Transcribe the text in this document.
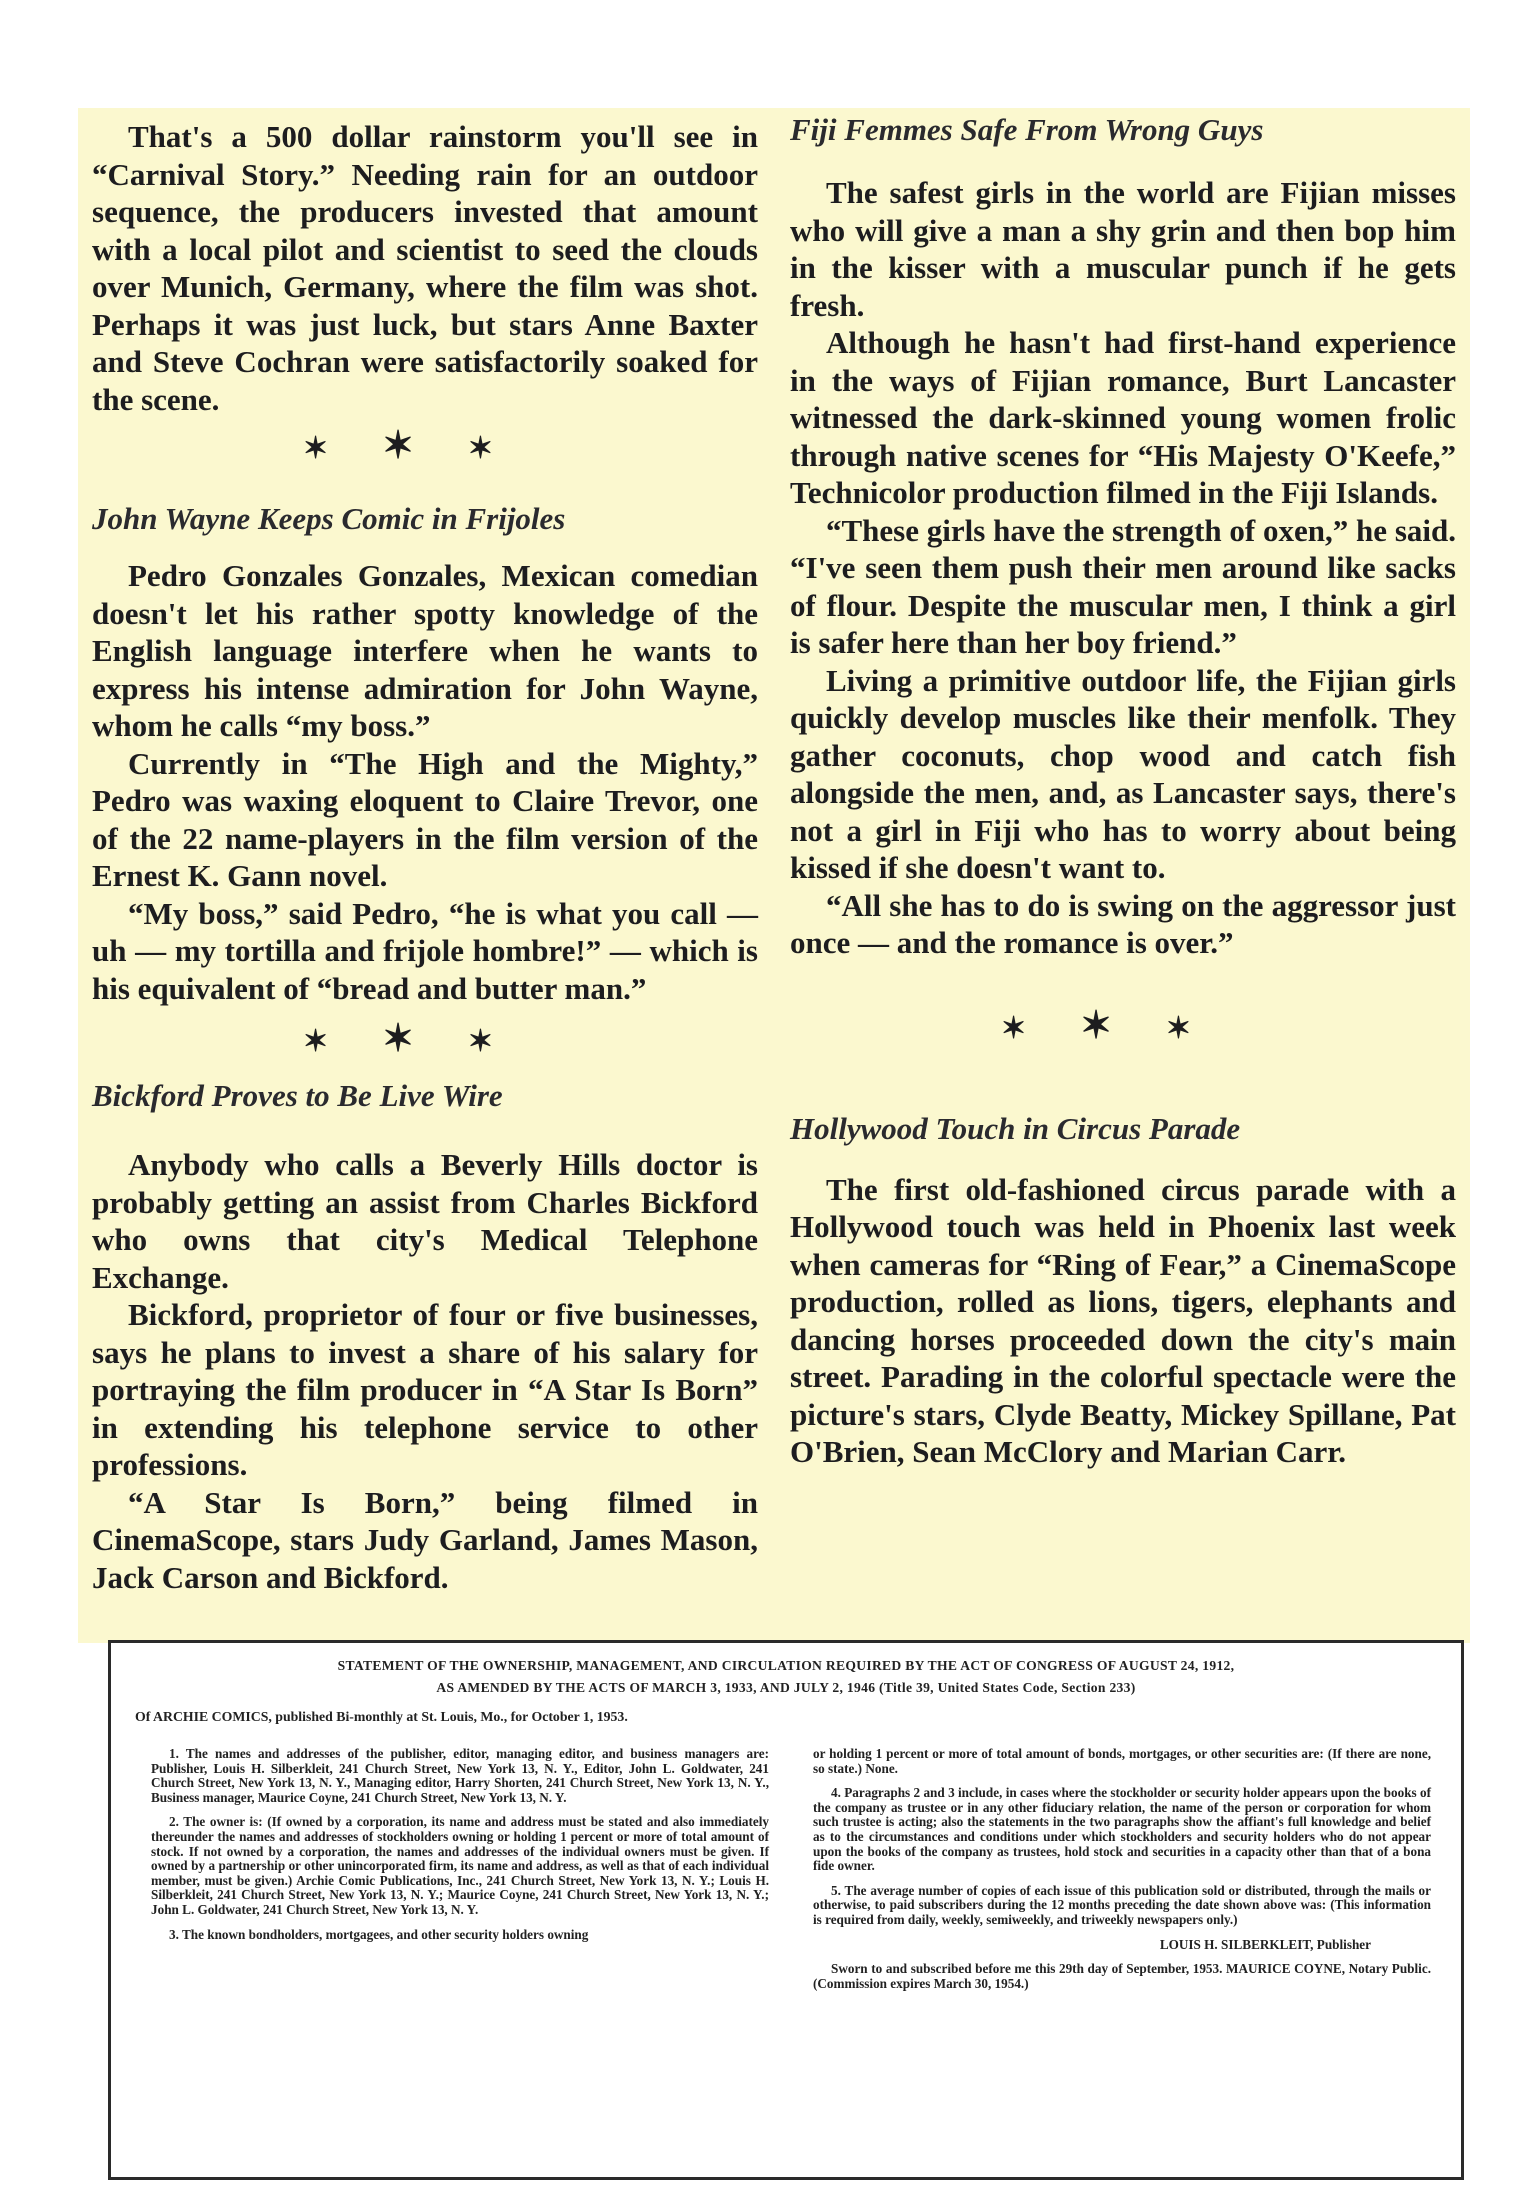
That's a 500 dollar rainstorm you'll see in “Carnival Story.” Needing rain for an outdoor sequence, the producers invested that amount with a local pilot and scientist to seed the clouds over Munich, Germany, where the film was shot. Perhaps it was just luck, but stars Anne Baxter and Steve Cochran were satisfactorily soaked for the scene.

✶✶✶
John Wayne Keeps Comic in Frijoles

Pedro Gonzales Gonzales, Mexican comedian doesn't let his rather spotty knowledge of the English language interfere when he wants to express his intense admiration for John Wayne, whom he calls “my boss.”

Currently in “The High and the Mighty,” Pedro was waxing eloquent to Claire Trevor, one of the 22 name-players in the film version of the Ernest K. Gann novel.

“My boss,” said Pedro, “he is what you call — uh — my tortilla and frijole hombre!” — which is his equivalent of “bread and butter man.”

✶✶✶
Bickford Proves to Be Live Wire

Anybody who calls a Beverly Hills doctor is probably getting an assist from Charles Bickford who owns that city's Medical Telephone Exchange.

Bickford, proprietor of four or five businesses, says he plans to invest a share of his salary for portraying the film producer in “A Star Is Born” in extending his telephone service to other professions.

“A Star Is Born,” being filmed in CinemaScope, stars Judy Garland, James Mason, Jack Carson and Bickford.

Fiji Femmes Safe From Wrong Guys

The safest girls in the world are Fijian misses who will give a man a shy grin and then bop him in the kisser with a muscular punch if he gets fresh.

Although he hasn't had first-hand experience in the ways of Fijian romance, Burt Lancaster witnessed the dark-skinned young women frolic through native scenes for “His Majesty O'Keefe,” Technicolor production filmed in the Fiji Islands.

“These girls have the strength of oxen,” he said. “I've seen them push their men around like sacks of flour. Despite the muscular men, I think a girl is safer here than her boy friend.”

Living a primitive outdoor life, the Fijian girls quickly develop muscles like their menfolk. They gather coconuts, chop wood and catch fish alongside the men, and, as Lancaster says, there's not a girl in Fiji who has to worry about being kissed if she doesn't want to.

“All she has to do is swing on the aggressor just once — and the romance is over.”

✶✶✶
Hollywood Touch in Circus Parade

The first old-fashioned circus parade with a Hollywood touch was held in Phoenix last week when cameras for “Ring of Fear,” a CinemaScope production, rolled as lions, tigers, elephants and dancing horses proceeded down the city's main street. Parading in the colorful spectacle were the picture's stars, Clyde Beatty, Mickey Spillane, Pat O'Brien, Sean McClory and Marian Carr.

STATEMENT OF THE OWNERSHIP, MANAGEMENT, AND CIRCULATION REQUIRED BY THE ACT OF CONGRESS OF AUGUST 24, 1912,
AS AMENDED BY THE ACTS OF MARCH 3, 1933, AND JULY 2, 1946 (Title 39, United States Code, Section 233)
Of ARCHIE COMICS, published Bi-monthly at St. Louis, Mo., for October 1, 1953.

1. The names and addresses of the publisher, editor, managing editor, and business managers are: Publisher, Louis H. Silberkleit, 241 Church Street, New York 13, N. Y., Editor, John L. Goldwater, 241 Church Street, New York 13, N. Y., Managing editor, Harry Shorten, 241 Church Street, New York 13, N. Y., Business manager, Maurice Coyne, 241 Church Street, New York 13, N. Y.

2. The owner is: (If owned by a corporation, its name and address must be stated and also immediately thereunder the names and addresses of stockholders owning or holding 1 percent or more of total amount of stock. If not owned by a corporation, the names and addresses of the individual owners must be given. If owned by a partnership or other unincorporated firm, its name and address, as well as that of each individual member, must be given.) Archie Comic Publications, Inc., 241 Church Street, New York 13, N. Y.; Louis H. Silberkleit, 241 Church Street, New York 13, N. Y.; Maurice Coyne, 241 Church Street, New York 13, N. Y.; John L. Goldwater, 241 Church Street, New York 13, N. Y.

3. The known bondholders, mortgagees, and other security holders owning

or holding 1 percent or more of total amount of bonds, mortgages, or other securities are: (If there are none, so state.) None.

4. Paragraphs 2 and 3 include, in cases where the stockholder or security holder appears upon the books of the company as trustee or in any other fiduciary relation, the name of the person or corporation for whom such trustee is acting; also the statements in the two paragraphs show the affiant's full knowledge and belief as to the circumstances and conditions under which stockholders and security holders who do not appear upon the books of the company as trustees, hold stock and securities in a capacity other than that of a bona fide owner.

5. The average number of copies of each issue of this publication sold or distributed, through the mails or otherwise, to paid subscribers during the 12 months preceding the date shown above was: (This information is required from daily, weekly, semiweekly, and triweekly newspapers only.)

LOUIS H. SILBERKLEIT, Publisher

Sworn to and subscribed before me this 29th day of September, 1953. MAURICE COYNE, Notary Public. (Commission expires March 30, 1954.)
